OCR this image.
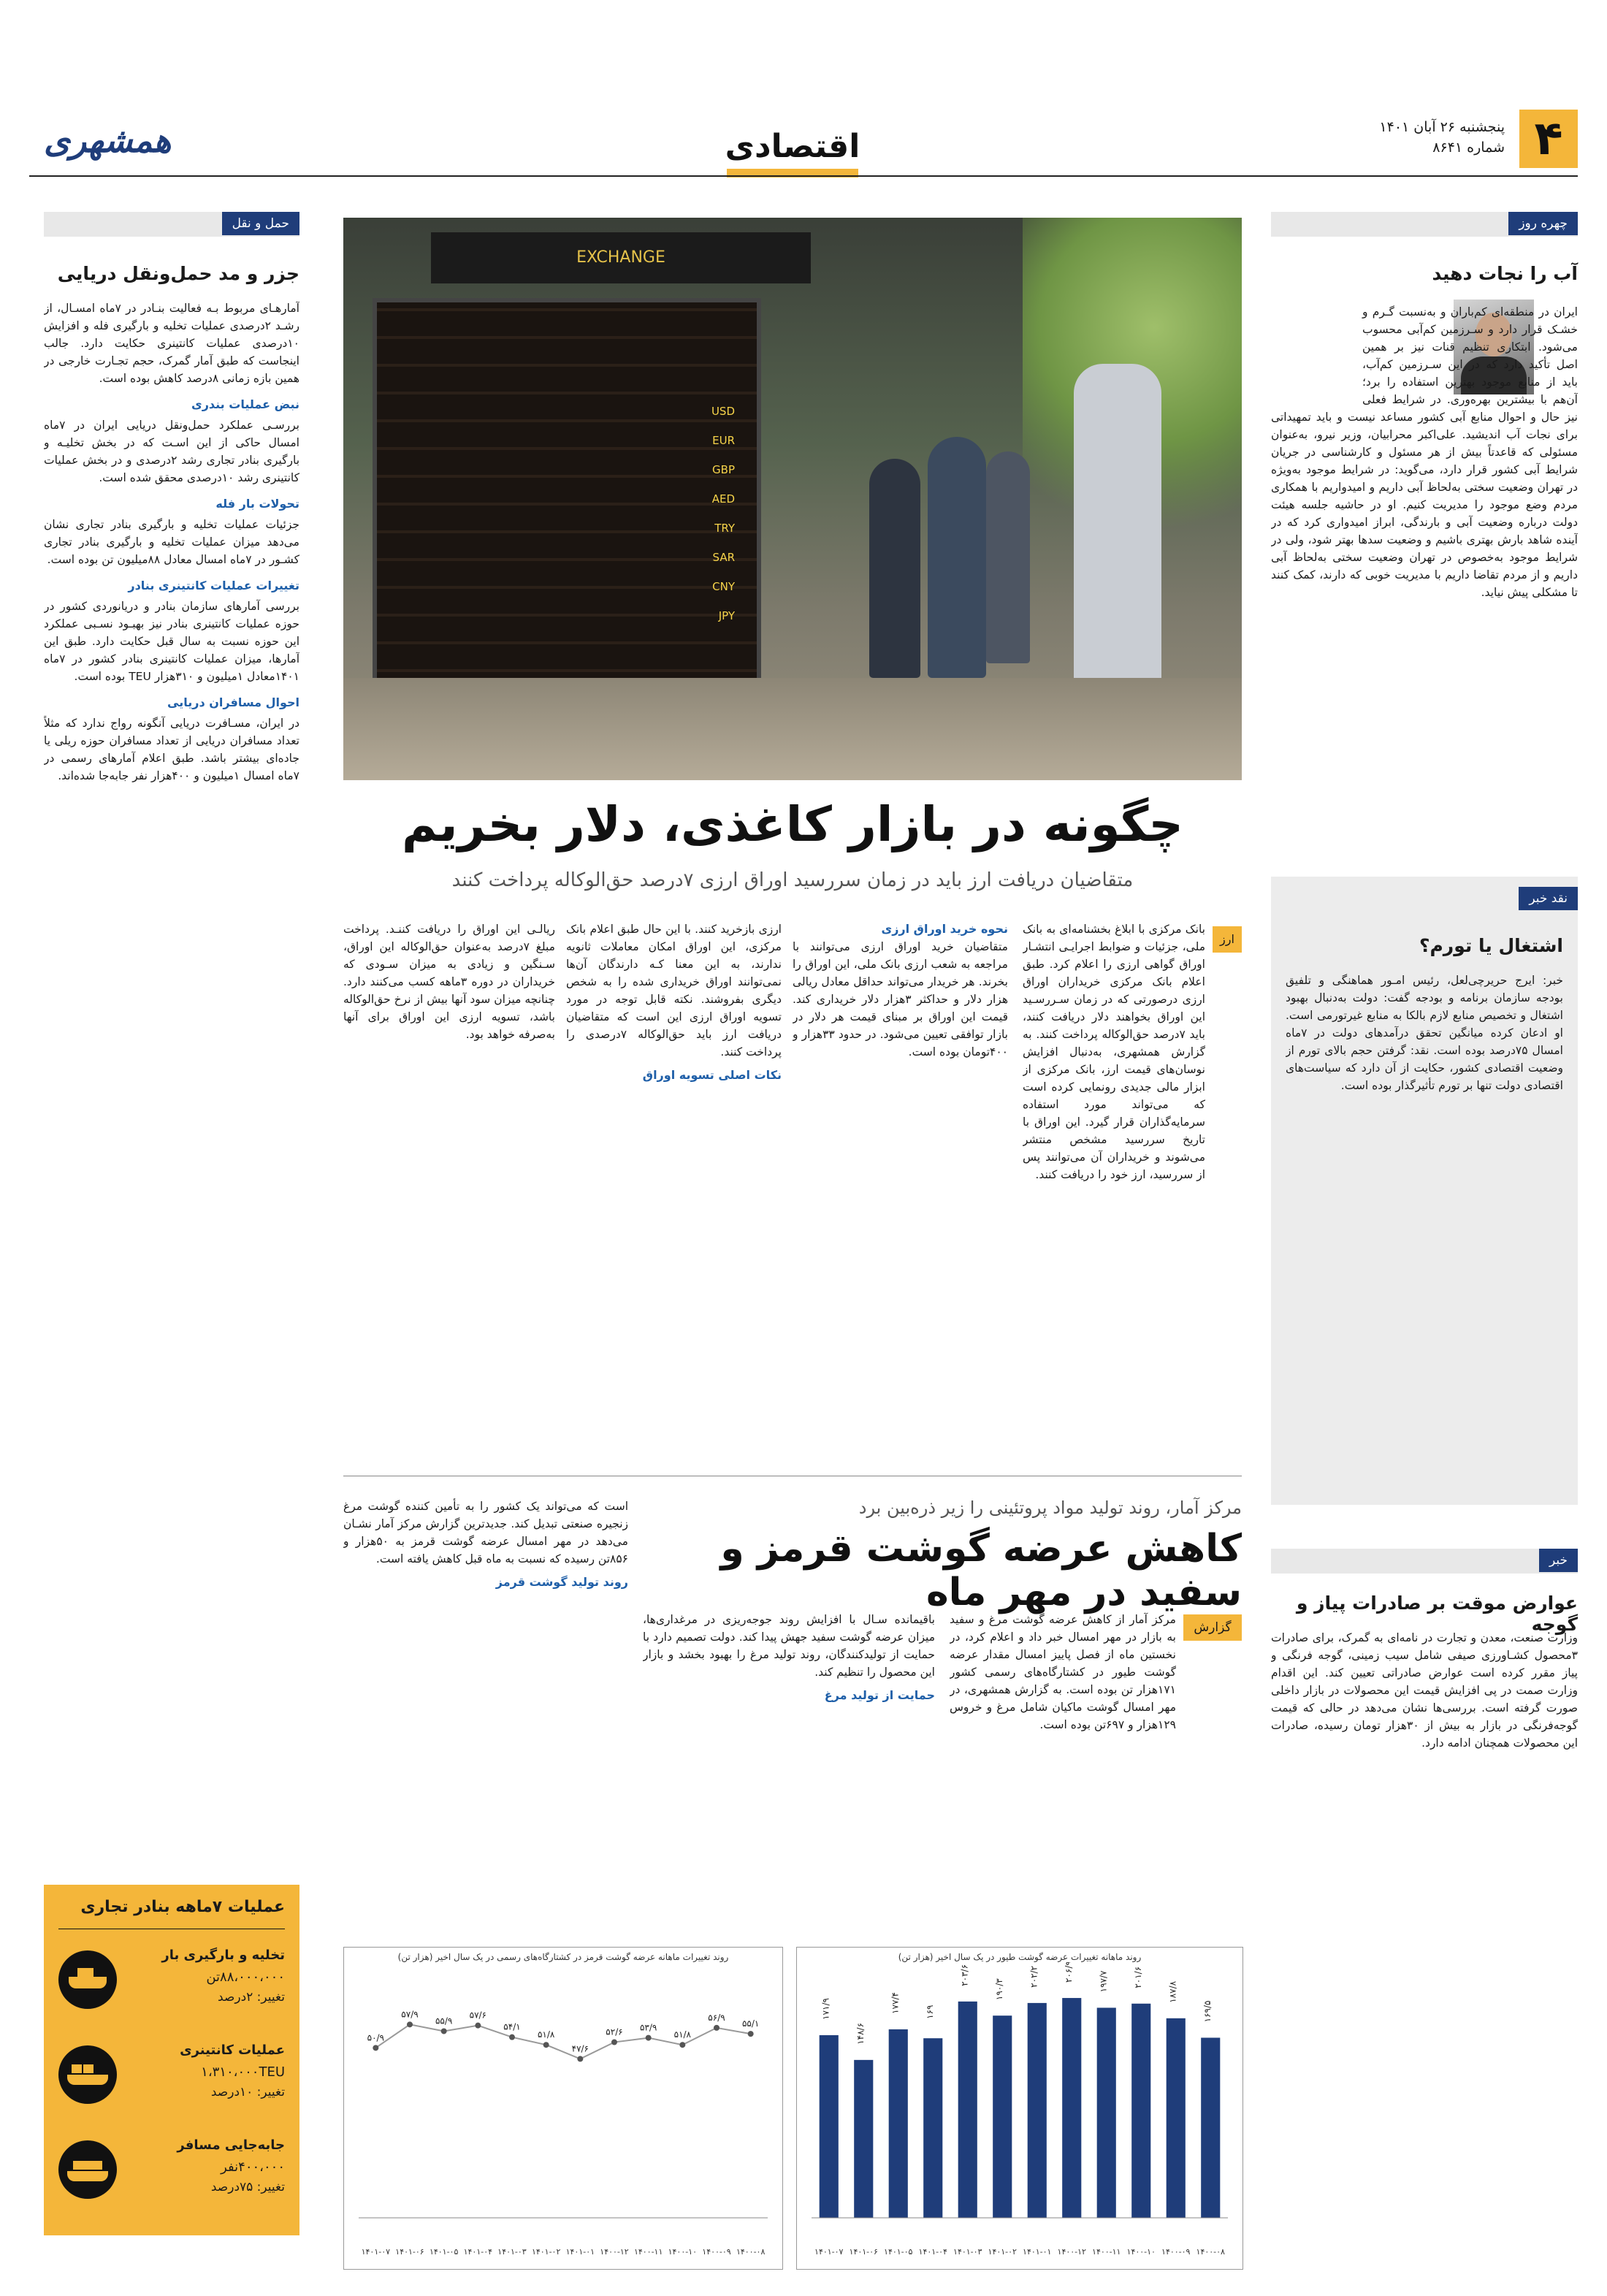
۴
پنجشنبه ۲۶ آبان ۱۴۰۱
شماره ۸۶۴۱
اقتصادی
همشهری
چهره روز
آب را نجات دهید
ایران در منطقه‌ای کم‌باران و به‌نسبت گـرم و خشـک قرار دارد و سـرزمین کم‌آبی محسوب می‌شود. ابتکاری تنظیم قنات نیز بر همین اصل تأکید دارد که در این سـرزمین کم‌آب، باید از منابع موجود بهترین استفاده را برد؛ آن‌هم با بیشترین بهره‌وری. در شرایط فعلی نیز حال و احوال منابع آبی کشور مساعد نیست و باید تمهیداتی برای نجات آب اندیشید. علی‌اکبر محرابیان، وزیر نیرو، به‌عنوان مسئولی که قاعدتاً بیش از هر مسئول و کارشناسی در جریان شرایط آبی کشور قرار دارد، می‌گوید: در شرایط موجود به‌ویژه در تهران وضعیت سختی به‌لحاظ آبی داریم و امیدواریم با همکاری مردم وضع موجود را مدیریت کنیم. او در حاشیه جلسه هیئت دولت درباره وضعیت آبی و بارندگی، ابراز امیدواری کرد که در آینده شاهد بارش بهتری باشیم و وضعیت سدها بهتر شود، ولی در شرایط موجود به‌خصوص در تهران وضعیت سختی به‌لحاظ آبی داریم و از مردم تقاضا داریم با مدیریت خوبی که دارند، کمک کنند تا مشکلی پیش نیاید.
نقد خبر
اشتغال یا تورم؟
خبر: ایرج حریرچی‌لعل، رئیس امـور هماهنگی و تلفیق بودجه سازمان برنامه و بودجه گفت: دولت به‌دنبال بهبود اشتغال و تخصیص منابع لازم بالکا به منابع غیرتورمی است. او ادعان کرده میانگین تحقق درآمدهای دولت در ۷ماه امسال ۷۵درصد بوده است. نقد: گرفتن حجم بالای تورم از وضعیت اقتصادی کشور، حکایت از آن دارد که سیاست‌های اقتصادی دولت تنها بر تورم تأثیرگذار بوده است.
خبر
عوارض موقت بر صادرات پیاز و گوجه
وزارت صنعت، معدن و تجارت در نامه‌ای به گمرک، برای صادرات ۳محصول کشـاورزی صیفی شامل سیب زمینی، گوجه فرنگی و پیاز مقرر کرده است عوارض صادراتی تعیین کند. این اقدام وزارت صمت در پی افزایش قیمت این محصولات در بازار داخلی صورت گرفته است. بررسی‌ها نشان می‌دهد در حالی که قیمت گوجه‌فرنگی در بازار به بیش از ۳۰هزار تومان رسیده، صادرات این محصولات همچنان ادامه دارد.
حمل و نقل
جزر و مد حمل‌ونقل دریایی

آمارهـای مربوط بـه فعالیت بنـادر در ۷ماه امسـال، از رشـد ۲درصدی عملیات تخلیه و بارگیری فله و افزایش ۱۰درصدی عملیات کانتینری حکایت دارد. جالب اینجاست که طبق آمار گمرک، حجم تجـارت خارجی در همین بازه زمانی ۸درصد کاهش بوده است.

نبض عملیات بندری

بررسـی عملکرد حمل‌ونقل دریایی ایران در ۷ماه امسال حاکی از این اسـت که در بخش تخلیـه و بارگیری بنادر تجاری رشد ۲درصدی و در بخش عملیات کانتینری رشد ۱۰درصدی محقق شده است.

تحولات بار فله

جزئیات عملیات تخلیه و بارگیری بنادر تجاری نشان می‌دهد میزان عملیات تخلیه و بارگیری بنادر تجاری کشـور در ۷ماه امسال معادل ۸۸میلیون تن بوده است.

تغییرات عملیات کانتینری بنادر

بررسی آمارهای سازمان بنادر و دریانوردی کشور در حوزه عملیات کانتینری بنادر نیز بهبـود نسـبی عملکرد این حوزه نسبت به سال قبل حکایت دارد. طبق این آمارها، میزان عملیات کانتینری بنادر کشور در ۷ماه ۱۴۰۱معادل ۱میلیون و ۳۱۰هزار TEU بوده است.

احوال مسافران دریایی

در ایران، مسـافرت دریایی آنگونه رواج ندارد که مثلاً تعداد مسافران دریایی از تعداد مسافران حوزه ریلی یا جاده‌ای بیشتر باشد. طبق اعلام آمارهای رسمی در ۷ماه امسال ۱میلیون و ۴۰۰هزار نفر جابه‌جا شده‌اند.

عملیات ۷ماهه بنادر تجاری
تخلیه و بارگیری بار
۸۸،۰۰۰،۰۰۰تن
تغییر: ۲درصد
عملیات کانتینری
۱،۳۱۰،۰۰۰TEU
تغییر: ۱۰درصد
جابه‌جایی مسافر
۴۰۰،۰۰۰نفر
تغییر: ۷۵درصد
EXCHANGE
USD
EUR
GBP
AED
TRY
SAR
CNY
JPY
چگونه در بازار کاغذی، دلار بخریم
متقاضیان دریافت ارز باید در زمان سررسید اوراق ارزی ۷درصد حق‌الوکاله پرداخت کنند
ارز
بانک مرکزی با ابلاغ بخشنامه‌ای به بانک ملی، جزئیات و ضوابط اجرایـی انتشـار اوراق گواهی ارزی را اعلام کرد. طبق اعلام بانک مرکزی خریداران اوراق ارزی درصورتی که در زمان سـررسـید این اوراق بخواهند دلار دریافت کنند، باید ۷درصد حق‌الوکاله پرداخت کنند. به گزارش همشهری، به‌دنبال افزایش نوسان‌های قیمت ارز، بانک مرکزی از ابزار مالی جدیدی رونمایی کرده است که می‌تواند مورد استفاده سرمایه‌گذاران قرار گیرد. این اوراق با تاریخ سررسید مشخص منتشر می‌شوند و خریداران آن می‌توانند پس از سررسید، ارز خود را دریافت کنند.
نحوه خرید اوراق ارزی
متقاضیان خرید اوراق ارزی می‌توانند با مراجعه به شعب ارزی بانک ملی، این اوراق را بخرند. هر خریدار می‌تواند حداقل معادل ریالی هزار دلار و حداکثر ۳هزار دلار خریداری کند. قیمت این اوراق بر مبنای قیمت هر دلار در بازار توافقی تعیین می‌شود. در حدود ۳۳هزار و ۴۰۰تومان بوده است.
ارزی بازخرید کنند. با این حال طبق اعلام بانک مرکزی، این اوراق امکان معاملات ثانویه ندارند، به این معنا کـه دارندگان آن‌ها نمی‌توانند اوراق خریداری شده را به شخص دیگری بفروشند. نکته قابل توجه در مورد تسویه اوراق ارزی این است که متقاضیان دریافت ارز باید حق‌الوکاله ۷درصدی را پرداخت کنند.
نکات اصلی تسویه اوراق
ریالـی این اوراق را دریافت کننـد. پرداخت مبلغ ۷درصد به‌عنوان حق‌الوکاله این اوراق، سـنگین و زیادی به میزان سـودی که خریداران در دوره ۳ماهه کسب می‌کنند دارد. چنانچه میزان سود آنها بیش از نرخ حق‌الوکاله باشد، تسویه ارزی این اوراق برای آنها به‌صرفه خواهد بود.
مرکز آمار، روند تولید مواد پروتئینی را زیر ذره‌بین برد
کاهش عرضه گوشت قرمز و سفید در مهر ماه
گزارش
مرکز آمار از کاهش عرضه گوشت مرغ و سفید به بازار در مهر امسال خبر داد و اعلام کرد، در نخستین ماه از فصل پاییز امسال مقدار عرضه گوشت طیور در کشتارگاه‌های رسمی کشور ۱۷۱هزار تن بوده است. به گزارش همشهری، در مهر امسال گوشت ماکیان شامل مرغ و خروس ۱۲۹هزار و ۶۹۷تن بوده است.
باقیمانده سـال با افزایش روند جوجه‌ریزی در مرغداری‌ها، میزان عرضه گوشت سفید جهش پیدا کند. دولت تصمیم دارد با حمایت از تولیدکنندگان، روند تولید مرغ را بهبود بخشد و بازار این محصول را تنظیم کند.
حمایت از تولید مرغ
است که می‌تواند یک کشور را به تأمین کننده گوشت مرغ زنجیره صنعتی تبدیل کند. جدیدترین گزارش مرکز آمار نشـان می‌دهد در مهر امسال عرضه گوشت قرمز به ۵۰هزار و ۸۵۶تن رسیده که نسبت به ماه قبل کاهش یافته است.
روند تولید گوشت قرمز
روند ماهانه تغییرات عرضه گوشت طیور در یک سال اخیر (هزار تن)
۱۶۹/۵
۱۴۰۰-۰۸
۱۸۷/۸
۱۴۰۰-۰۹
۲۰۱/۶
۱۴۰۰-۱۰
۱۹۷/۷
۱۴۰۰-۱۱
۲۰۶/۹
۱۴۰۰-۱۲
۲۰۲/۲
۱۴۰۱-۰۱
۱۹۰/۳
۱۴۰۱-۰۲
۲۰۳/۶
۱۴۰۱-۰۳
۱۶۹
۱۴۰۱-۰۴
۱۷۷/۴
۱۴۰۱-۰۵
۱۴۸/۶
۱۴۰۱-۰۶
۱۷۱/۹
۱۴۰۱-۰۷
روند تغییرات ماهانه عرضه گوشت قرمز در کشتارگاه‌های رسمی در یک سال اخیر (هزار تن)
۵۵/۱
۱۴۰۰-۰۸
۵۶/۹
۱۴۰۰-۰۹
۵۱/۸
۱۴۰۰-۱۰
۵۳/۹
۱۴۰۰-۱۱
۵۲/۶
۱۴۰۰-۱۲
۴۷/۶
۱۴۰۱-۰۱
۵۱/۸
۱۴۰۱-۰۲
۵۴/۱
۱۴۰۱-۰۳
۵۷/۶
۱۴۰۱-۰۴
۵۵/۹
۱۴۰۱-۰۵
۵۷/۹
۱۴۰۱-۰۶
۵۰/۹
۱۴۰۱-۰۷
